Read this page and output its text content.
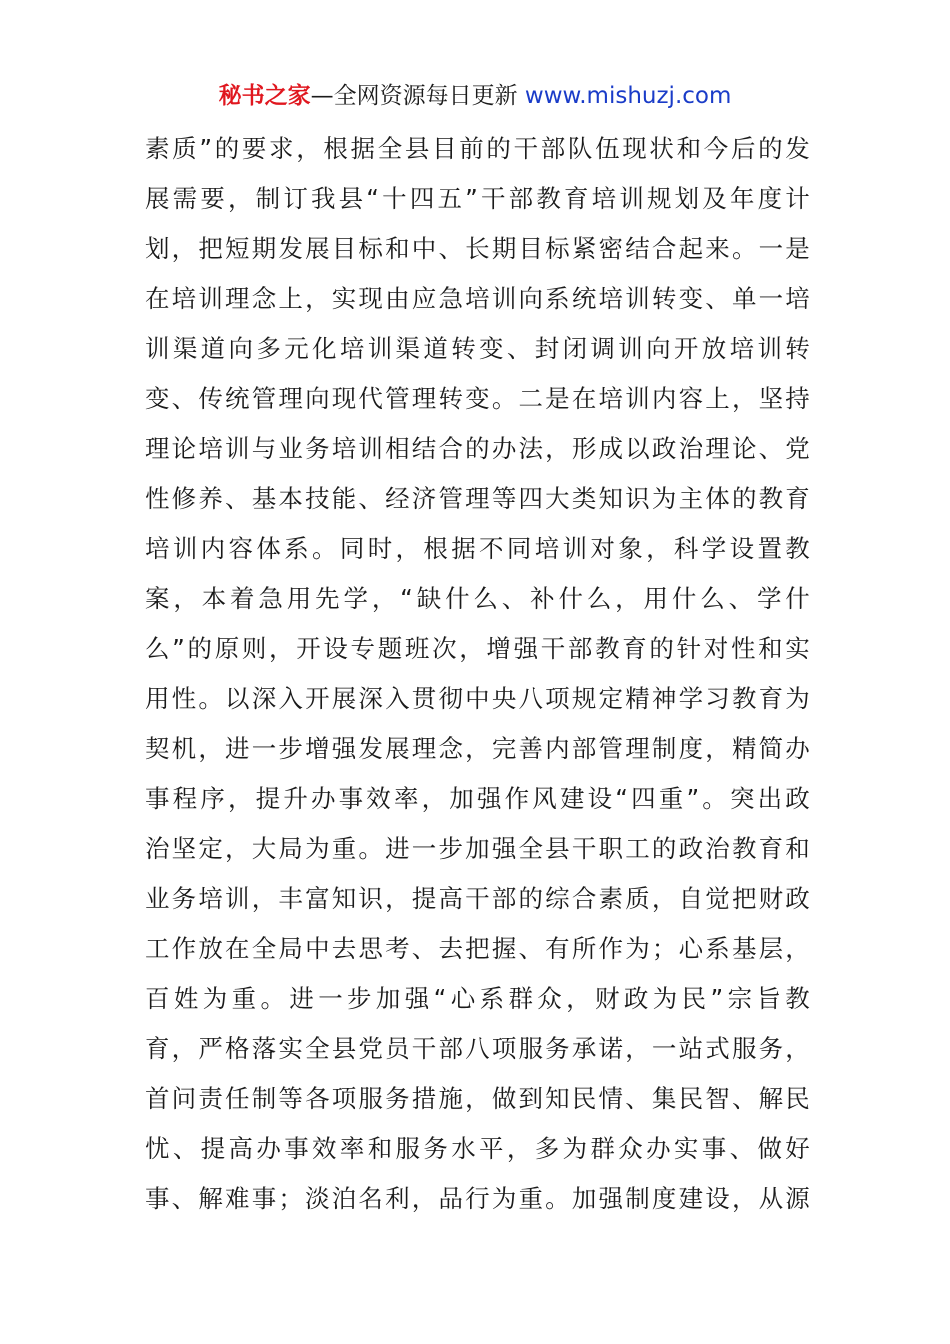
秘书之家—全网资源每日更新 www.mishuzj.com
素质”的要求，根据全县目前的干部队伍现状和今后的发
展需要，制订我县“十四五”干部教育培训规划及年度计
划，把短期发展目标和中、长期目标紧密结合起来。一是
在培训理念上，实现由应急培训向系统培训转变、单一培
训渠道向多元化培训渠道转变、封闭调训向开放培训转
变、传统管理向现代管理转变。二是在培训内容上，坚持
理论培训与业务培训相结合的办法，形成以政治理论、党
性修养、基本技能、经济管理等四大类知识为主体的教育
培训内容体系。同时，根据不同培训对象，科学设置教
案，本着急用先学，“缺什么、补什么，用什么、学什
么”的原则，开设专题班次，增强干部教育的针对性和实
用性。以深入开展深入贯彻中央八项规定精神学习教育为
契机，进一步增强发展理念，完善内部管理制度，精简办
事程序，提升办事效率，加强作风建设“四重”。突出政
治坚定，大局为重。进一步加强全县干职工的政治教育和
业务培训，丰富知识，提高干部的综合素质，自觉把财政
工作放在全局中去思考、去把握、有所作为；心系基层，
百姓为重。进一步加强“心系群众，财政为民”宗旨教
育，严格落实全县党员干部八项服务承诺，一站式服务，
首问责任制等各项服务措施，做到知民情、集民智、解民
忧、提高办事效率和服务水平，多为群众办实事、做好
事、解难事；淡泊名利，品行为重。加强制度建设，从源
